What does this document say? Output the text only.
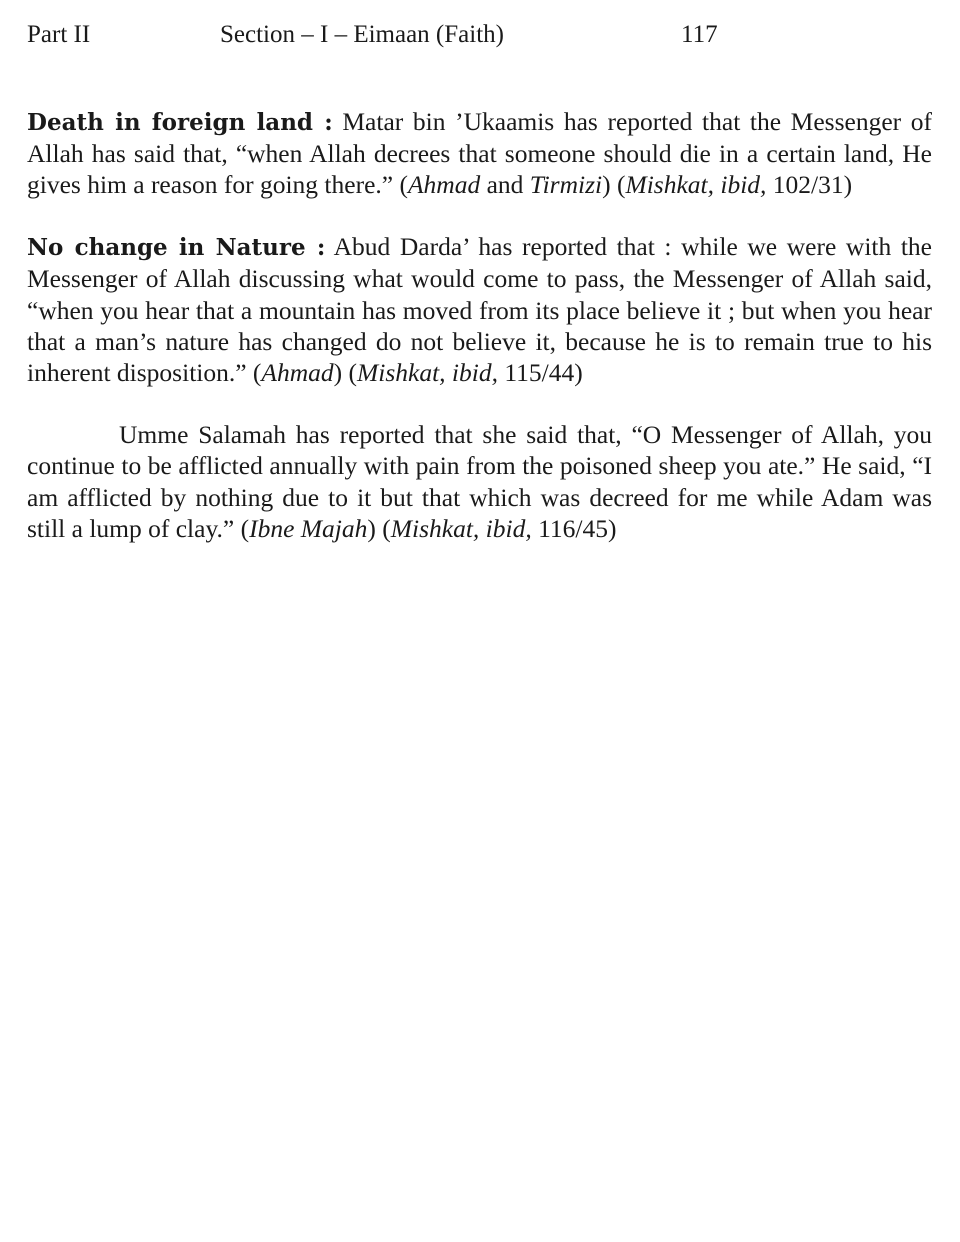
Part II	Section – I – Eimaan (Faith)	117

Death in foreign land : Matar bin ’Ukaamis has reported that the Messenger of Allah has said that, “when Allah decrees that someone should die in a certain land, He gives him a reason for going there.” (Ahmad and Tirmizi) (Mishkat, ibid, 102/31)

No change in Nature : Abud Darda’ has reported that : while we were with the Messenger of Allah discussing what would come to pass, the Messenger of Allah said, “when you hear that a mountain has moved from its place believe it ; but when you hear that a man’s nature has changed do not believe it, because he is to remain true to his inherent disposition.” (Ahmad) (Mishkat, ibid, 115/44)

Umme Salamah has reported that she said that, “O Messenger of Allah, you continue to be afflicted annually with pain from the poisoned sheep you ate.” He said, “I am afflicted by nothing due to it but that which was decreed for me while Adam was still a lump of clay.” (Ibne Majah) (Mishkat, ibid, 116/45)
